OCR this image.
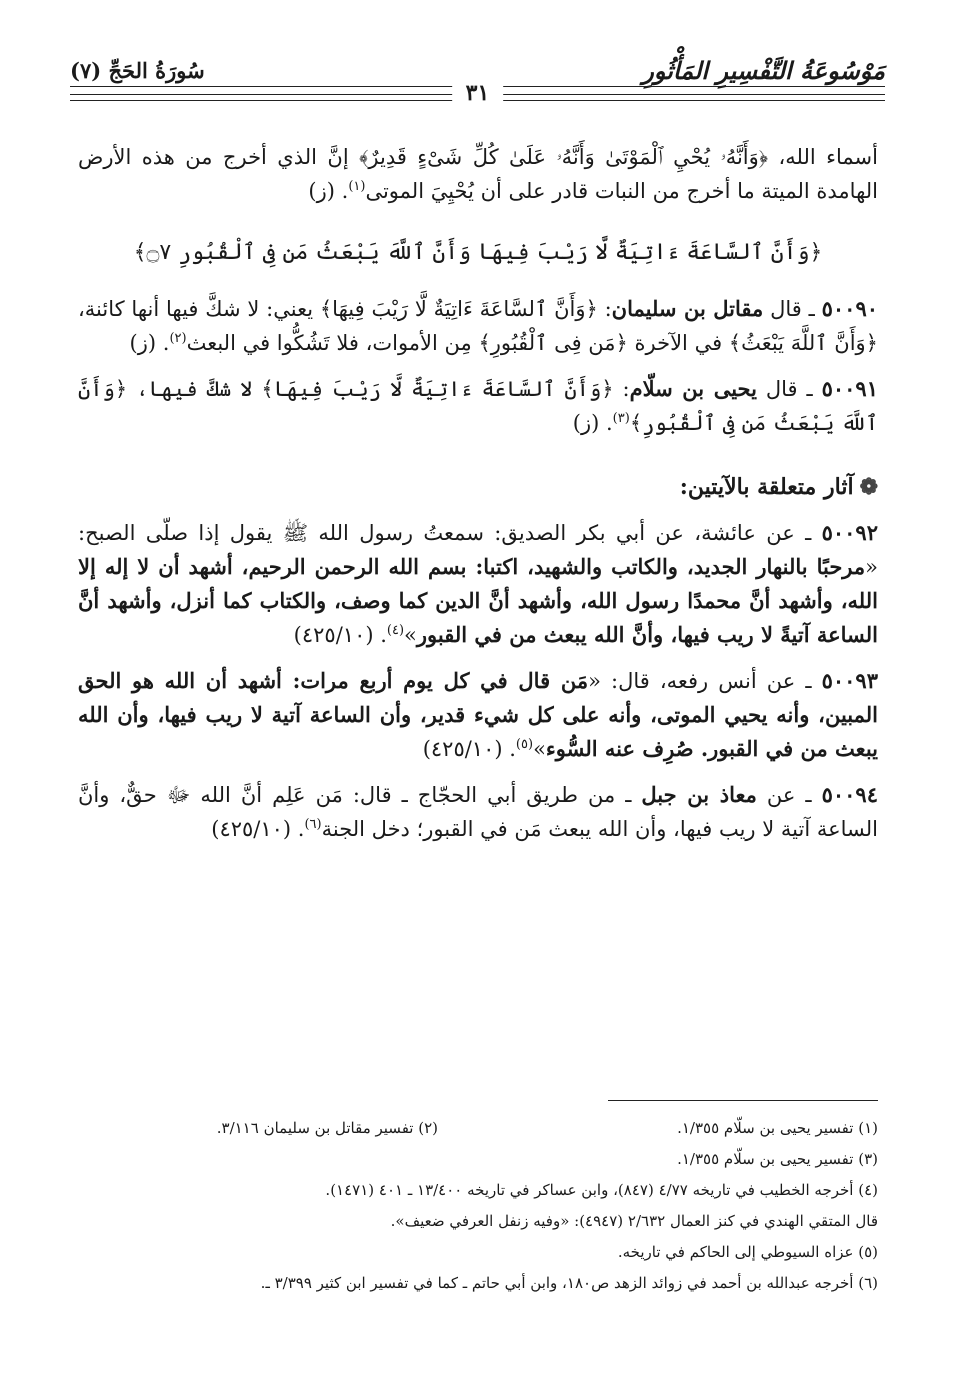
مَوْسُوعَةُ التَّفْسِيرِ المَأْثُورِ
سُورَةُ الحَجِّ (٧)
٣١

أسماء الله، ﴿وَأَنَّهُۥ يُحْيِ ٱلْمَوْتَىٰ وَأَنَّهُۥ عَلَىٰ كُلِّ شَىْءٍ قَدِيرٌ﴾ إنَّ الذي أخرج من هذه الأرض الهامدة الميتة ما أخرج من النبات قادر على أن يُحْيِيَ الموتى$^{(١)}$. (ز)

﴿وَأَنَّ ٱلسَّاعَةَ ءَاتِيَةٌ لَّا رَيْبَ فِيهَا وَأَنَّ ٱللَّهَ يَبْعَثُ مَن فِى ٱلْقُبُورِ ۝٧﴾

٥٠٠٩٠ ـ قال مقاتل بن سليمان: ﴿وَأَنَّ ٱلسَّاعَةَ ءَاتِيَةٌ لَّا رَيْبَ فِيهَا﴾ يعني: لا شكَّ فيها أنها كائنة، ﴿وَأَنَّ ٱللَّهَ يَبْعَثُ﴾ في الآخرة ﴿مَن فِى ٱلْقُبُورِ﴾ مِن الأموات، فلا تَشُكُّوا في البعث$^{(٢)}$. (ز)

٥٠٠٩١ ـ قال يحيى بن سلّام: ﴿وَأَنَّ ٱلسَّاعَةَ ءَاتِيَةٌ لَّا رَيْبَ فِيهَا﴾ لا شكَّ فيها، ﴿وَأَنَّ ٱللَّهَ يَبْعَثُ مَن فِى ٱلْقُبُورِ﴾$^{(٣)}$. (ز)

❁آثار متعلقة بالآيتين:

٥٠٠٩٢ ـ عن عائشة، عن أبي بكر الصديق: سمعتُ رسول الله ﷺ يقول إذا صلّى الصبح: «مرحبًا بالنهار الجديد، والكاتب والشهيد، اكتبا: بسم الله الرحمن الرحيم، أشهد أن لا إله إلا الله، وأشهد أنَّ محمدًا رسول الله، وأشهد أنَّ الدين كما وصف، والكتاب كما أنزل، وأشهد أنَّ الساعة آتيةً لا ريب فيها، وأنَّ الله يبعث من في القبور»$^{(٤)}$. (٤٢٥/١٠)

٥٠٠٩٣ ـ عن أنس رفعه، قال: «مَن قال في كل يوم أربع مرات: أشهد أن الله هو الحق المبين، وأنه يحيي الموتى، وأنه على كل شيء قدير، وأن الساعة آتية لا ريب فيها، وأن الله يبعث من في القبور. صُرِف عنه السُّوء»$^{(٥)}$. (٤٢٥/١٠)

٥٠٠٩٤ ـ عن معاذ بن جبل ـ من طريق أبي الحجّاج ـ قال: مَن عَلِم أنَّ الله ﷻ حقٌّ، وأنَّ الساعة آتية لا ريب فيها، وأن الله يبعث مَن في القبور؛ دخل الجنة$^{(٦)}$. (٤٢٥/١٠)

(١) تفسير يحيى بن سلّام ١/٣٥٥.
(٢) تفسير مقاتل بن سليمان ٣/١١٦.
(٣) تفسير يحيى بن سلّام ١/٣٥٥.
(٤) أخرجه الخطيب في تاريخه ٤/٧٧ (٨٤٧)، وابن عساكر في تاريخه ١٣/٤٠٠ ـ ٤٠١ (١٤٧١).
قال المتقي الهندي في كنز العمال ٢/٦٣٢ (٤٩٤٧): «وفيه زنفل العرفي ضعيف».
(٥) عزاه السيوطي إلى الحاكم في تاريخه.
(٦) أخرجه عبدالله بن أحمد في زوائد الزهد ص١٨٠، وابن أبي حاتم ـ كما في تفسير ابن كثير ٣/٣٩٩ ـ.
